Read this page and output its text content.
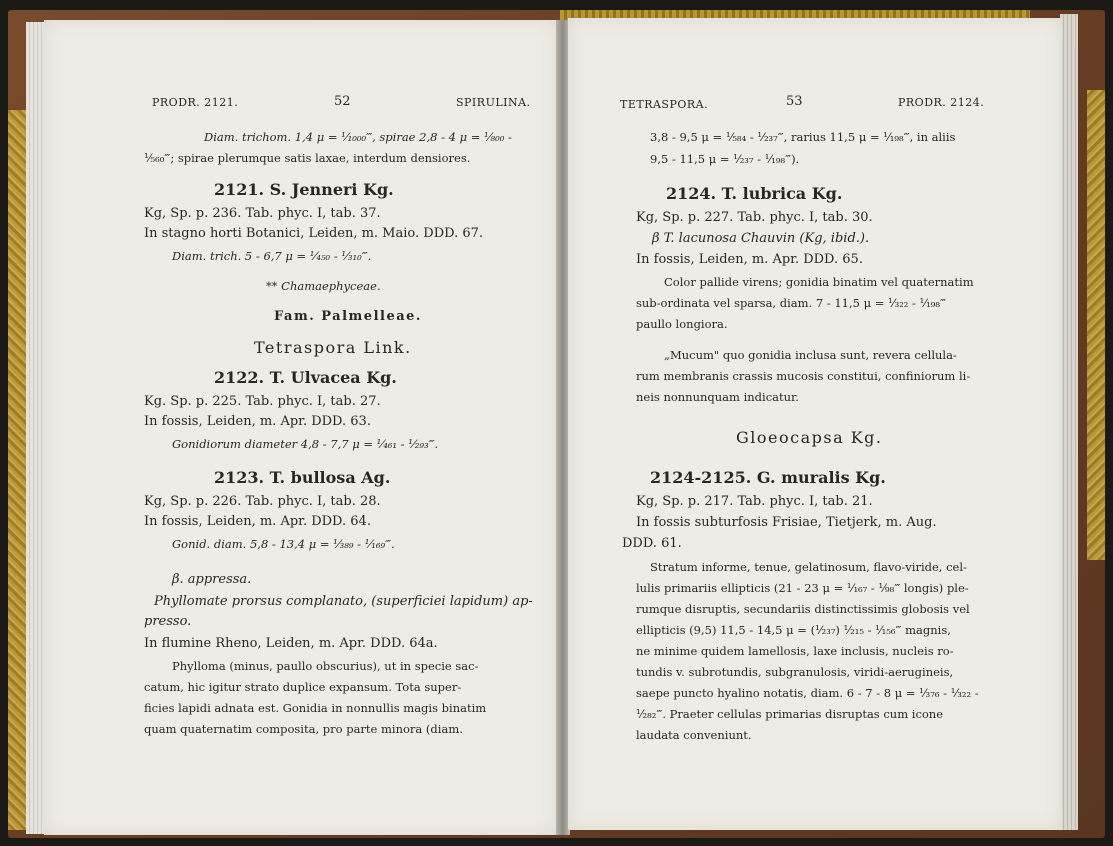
PRODR. 2121.	52	SPIRULINA.
Diam. trichom. 1,4 μ = ¹⁄₁₀₀₀‴, spirae 2,8 - 4 μ = ¹⁄₈₀₀ -
¹⁄₅₆₀‴; spirae plerumque satis laxae, interdum densiores.
2121. S. Jenneri Kg.
Kg, Sp. p. 236. Tab. phyc. I, tab. 37.
In stagno horti Botanici, Leiden, m. Maio. DDD. 67.
Diam. trich. 5 - 6,7 μ = ¹⁄₄₅₀ - ¹⁄₃₁₀‴.
** Chamaephyceae.
Fam. Palmelleae.
Tetraspora Link.
2122. T. Ulvacea Kg.
Kg. Sp. p. 225. Tab. phyc. I, tab. 27.
In fossis, Leiden, m. Apr. DDD. 63.
Gonidiorum diameter 4,8 - 7,7 μ = ¹⁄₄₆₁ - ¹⁄₂₉₃‴.
2123. T. bullosa Ag.
Kg, Sp. p. 226. Tab. phyc. I, tab. 28.
In fossis, Leiden, m. Apr. DDD. 64.
Gonid. diam. 5,8 - 13,4 μ = ¹⁄₃₈₉ - ¹⁄₁₆₉‴.
β. appressa.
Phyllomate prorsus complanato, (superficiei lapidum) ap-
presso.
In flumine Rheno, Leiden, m. Apr. DDD. 64a.
Phylloma (minus, paullo obscurius), ut in specie sac-
catum, hic igitur strato duplice expansum. Tota super-
ficies lapidi adnata est. Gonidia in nonnullis magis binatim
quam quaternatim composita, pro parte minora (diam.
TETRASPORA.	53	PRODR. 2124.
3,8 - 9,5 μ = ¹⁄₅₈₄ - ¹⁄₂₃₇‴, rarius 11,5 μ = ¹⁄₁₉₈‴, in aliis
9,5 - 11,5 μ = ¹⁄₂₃₇ - ¹⁄₁₉₈‴).
2124. T. lubrica Kg.
Kg, Sp. p. 227. Tab. phyc. I, tab. 30.
β T. lacunosa Chauvin (Kg, ibid.).
In fossis, Leiden, m. Apr. DDD. 65.
Color pallide virens; gonidia binatim vel quaternatim
sub-ordinata vel sparsa, diam. 7 - 11,5 μ = ¹⁄₃₂₂ - ¹⁄₁₉₈‴
paullo longiora.
„Mucum" quo gonidia inclusa sunt, revera cellula-
rum membranis crassis mucosis constitui, confiniorum li-
neis nonnunquam indicatur.
Gloeocapsa Kg.
2124-2125. G. muralis Kg.
Kg, Sp. p. 217. Tab. phyc. I, tab. 21.
In fossis subturfosis Frisiae, Tietjerk, m. Aug.
DDD. 61.
Stratum informe, tenue, gelatinosum, flavo-viride, cel-
lulis primariis ellipticis (21 - 23 μ = ¹⁄₁₆₇ - ¹⁄₉₈‴ longis) ple-
rumque disruptis, secundariis distinctissimis globosis vel
ellipticis (9,5) 11,5 - 14,5 μ = (¹⁄₂₃₇) ¹⁄₂₁₅ - ¹⁄₁₅₆‴ magnis,
ne minime quidem lamellosis, laxe inclusis, nucleis ro-
tundis v. subrotundis, subgranulosis, viridi-aerugineis,
saepe puncto hyalino notatis, diam. 6 - 7 - 8 μ = ¹⁄₃₇₆ - ¹⁄₃₂₂ -
¹⁄₂₈₂‴. Praeter cellulas primarias disruptas cum icone
laudata conveniunt.
